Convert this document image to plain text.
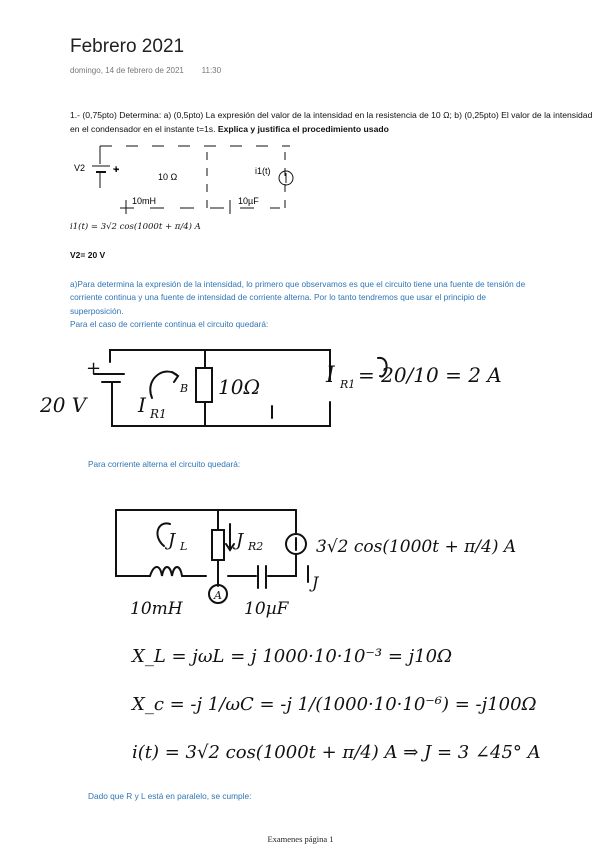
Febrero 2021
domingo, 14 de febrero de 2021 11:30
1.- (0,75pto) Determina: a) (0,5pto) La expresión del valor de la intensidad en la resistencia de 10 Ω; b) (0,25pto) El valor de la intensidad en el condensador en el instante t=1s. Explica y justifica el procedimiento usado
V2	+
10 Ω
i1(t)
10mH	10µF
i1(t) = 3√2 cos(1000t + π/4) A
V2= 20 V
a)Para determina la expresión de la intensidad, lo primero que observamos es que el circuito tiene una fuente de tensión de corriente continua y una fuente de intensidad de corriente alterna. Por lo tanto tendremos que usar el principio de superposición.
Para el caso de corriente continua el circuito quedará:
+
20 V	I R1
B 10Ω	I R1 = 20/10 = 2 A
Para corriente alterna el circuito quedará:
J L	J R2	3√2 cos(1000t + π/4) A
J
A
10mH	10µF
X_L = jωL = j 1000·10·10⁻³ = j10Ω
X_c = -j 1/ωC = -j 1/(1000·10·10⁻⁶) = -j100Ω
i(t) = 3√2 cos(1000t + π/4) A ⇒ J = 3 ∠45° A
Dado que R y L está en paralelo, se cumple:
Examenes página 1
